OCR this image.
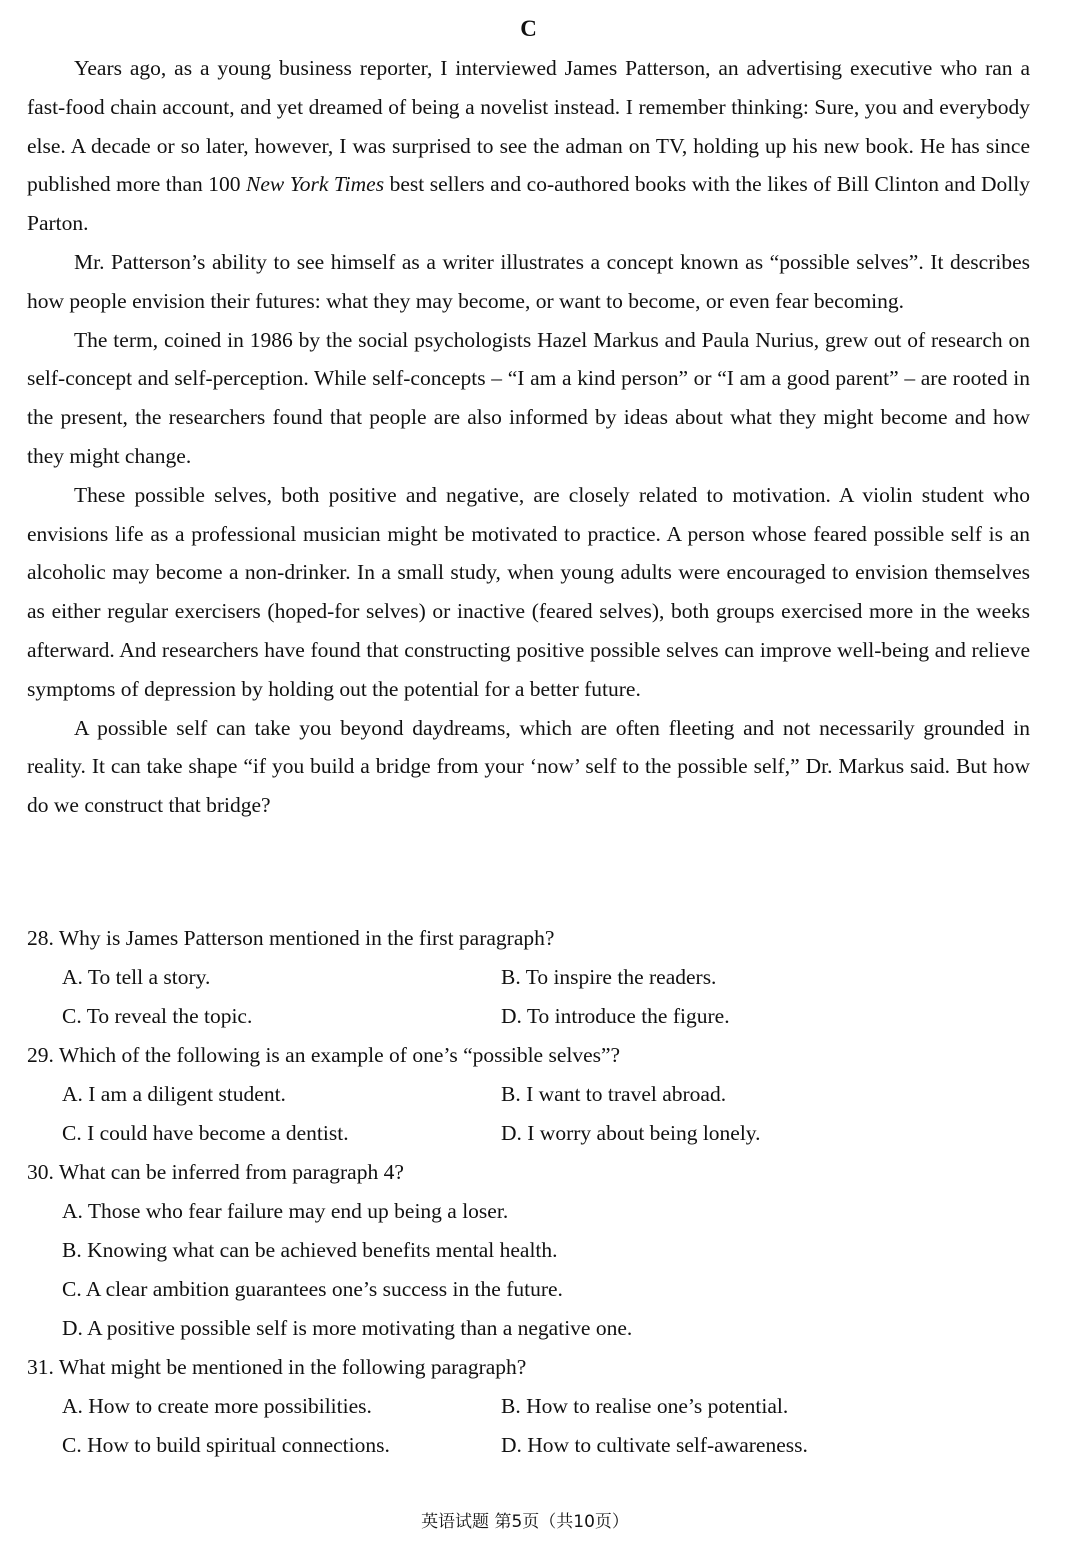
C

Years ago, as a young business reporter, I interviewed James Patterson, an advertising executive who ran a fast-food chain account, and yet dreamed of being a novelist instead. I remember thinking: Sure, you and everybody else. A decade or so later, however, I was surprised to see the adman on TV, holding up his new book. He has since published more than 100 New York Times best sellers and co-authored books with the likes of Bill Clinton and Dolly Parton.

Mr. Patterson’s ability to see himself as a writer illustrates a concept known as “possible selves”. It describes how people envision their futures: what they may become, or want to become, or even fear becoming.

The term, coined in 1986 by the social psychologists Hazel Markus and Paula Nurius, grew out of research on self-concept and self-perception. While self-concepts – “I am a kind person” or “I am a good parent” – are rooted in the present, the researchers found that people are also informed by ideas about what they might become and how they might change.

These possible selves, both positive and negative, are closely related to motivation. A violin student who envisions life as a professional musician might be motivated to practice. A person whose feared possible self is an alcoholic may become a non-drinker. In a small study, when young adults were encouraged to envision themselves as either regular exercisers (hoped-for selves) or inactive (feared selves), both groups exercised more in the weeks afterward. And researchers have found that constructing positive possible selves can improve well-being and relieve symptoms of depression by holding out the potential for a better future.

A possible self can take you beyond daydreams, which are often fleeting and not necessarily grounded in reality. It can take shape “if you build a bridge from your ‘now’ self to the possible self,” Dr. Markus said. But how do we construct that bridge?

28. Why is James Patterson mentioned in the first paragraph?
A. To tell a story.	B. To inspire the readers.
C. To reveal the topic.	D. To introduce the figure.
29. Which of the following is an example of one’s “possible selves”?
A. I am a diligent student.	B. I want to travel abroad.
C. I could have become a dentist.	D. I worry about being lonely.
30. What can be inferred from paragraph 4?
A. Those who fear failure may end up being a loser.
B. Knowing what can be achieved benefits mental health.
C. A clear ambition guarantees one’s success in the future.
D. A positive possible self is more motivating than a negative one.
31. What might be mentioned in the following paragraph?
A. How to create more possibilities.	B. How to realise one’s potential.
C. How to build spiritual connections.	D. How to cultivate self-awareness.
英语试题 第5页（共10页）
